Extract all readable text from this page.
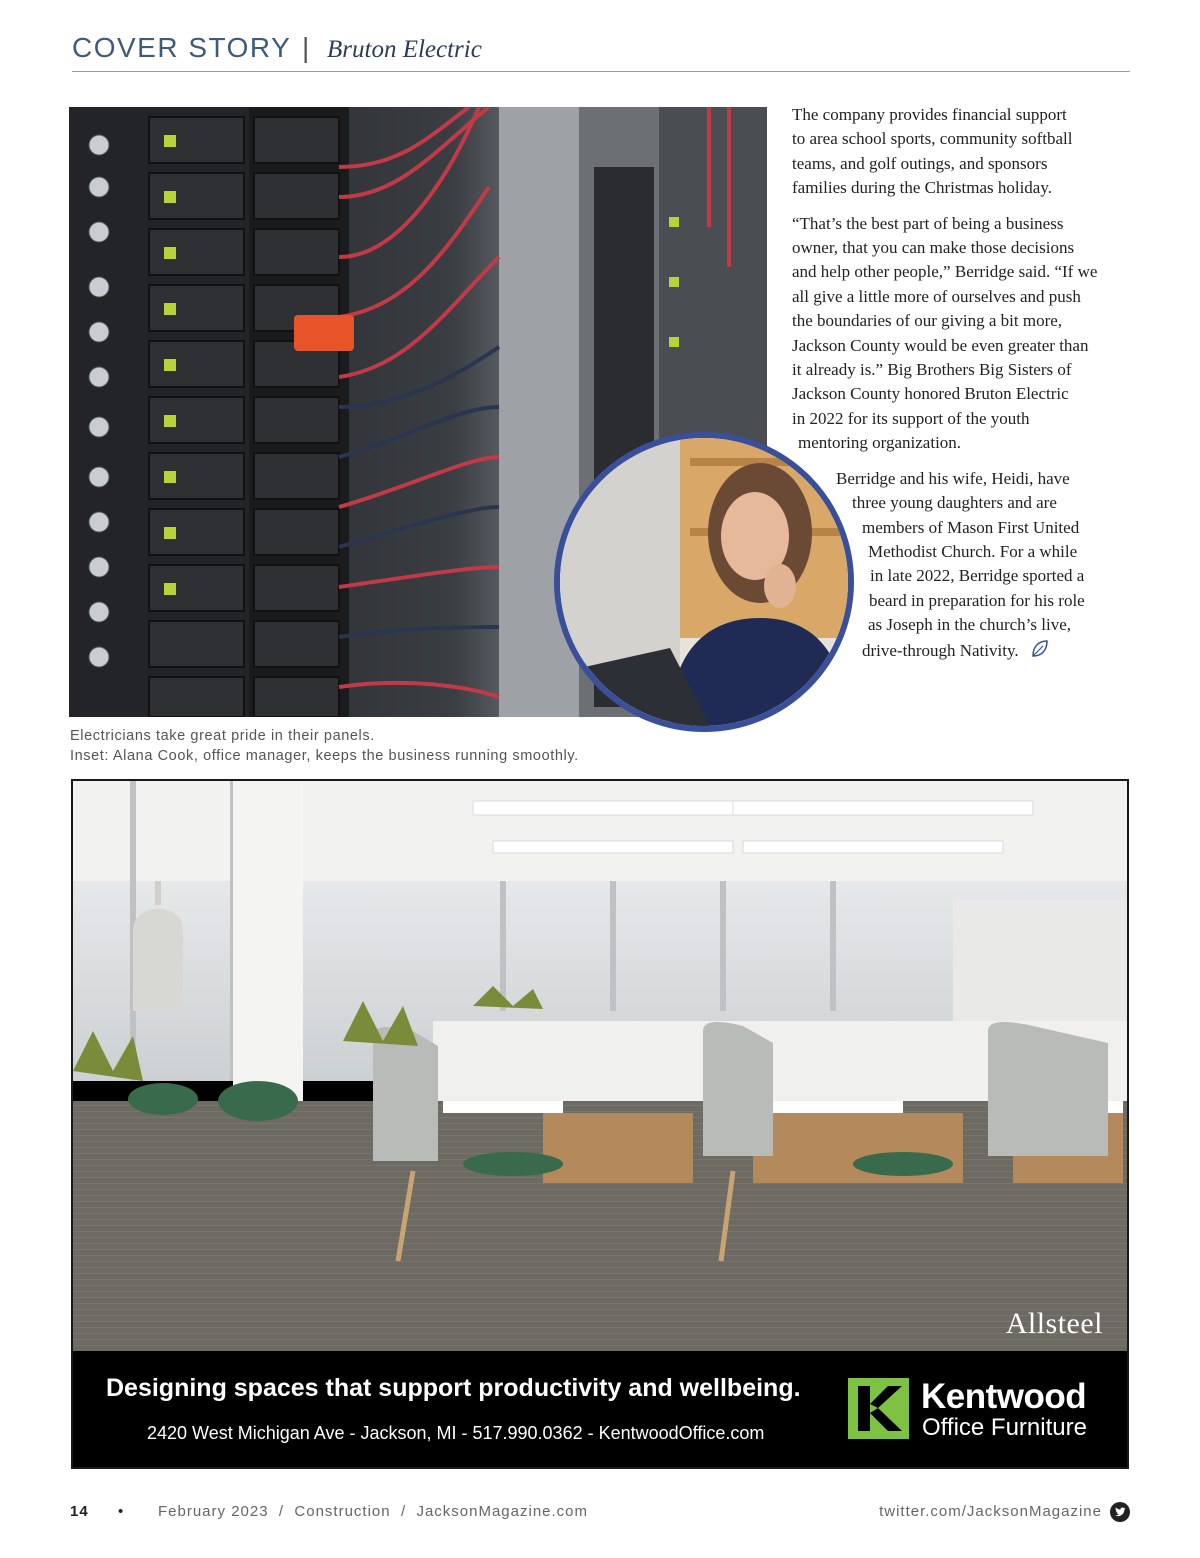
COVER STORY | Bruton Electric

The company provides financial support
to area school sports, community softball
teams, and golf outings, and sponsors
families during the Christmas holiday.

“That’s the best part of being a business
owner, that you can make those decisions
and help other people,” Berridge said. “If we
all give a little more of ourselves and push
the boundaries of our giving a bit more,
Jackson County would be even greater than
it already is.” Big Brothers Big Sisters of
Jackson County honored Bruton Electric
in 2022 for its support of the youth
mentoring organization.

Berridge and his wife, Heidi, have
three young daughters and are
members of Mason First United
Methodist Church. For a while
in late 2022, Berridge sported a
beard in preparation for his role
as Joseph in the church’s live,
drive-through Nativity.

Electricians take great pride in their panels.
Inset: Alana Cook, office manager, keeps the business running smoothly.
Allsteel
Designing spaces that support productivity and wellbeing.
2420 West Michigan Ave - Jackson, MI - 517.990.0362 - KentwoodOffice.com
Kentwood
Office Furniture
14 • February 2023  /  Construction  /  JacksonMagazine.com	twitter.com/JacksonMagazine
